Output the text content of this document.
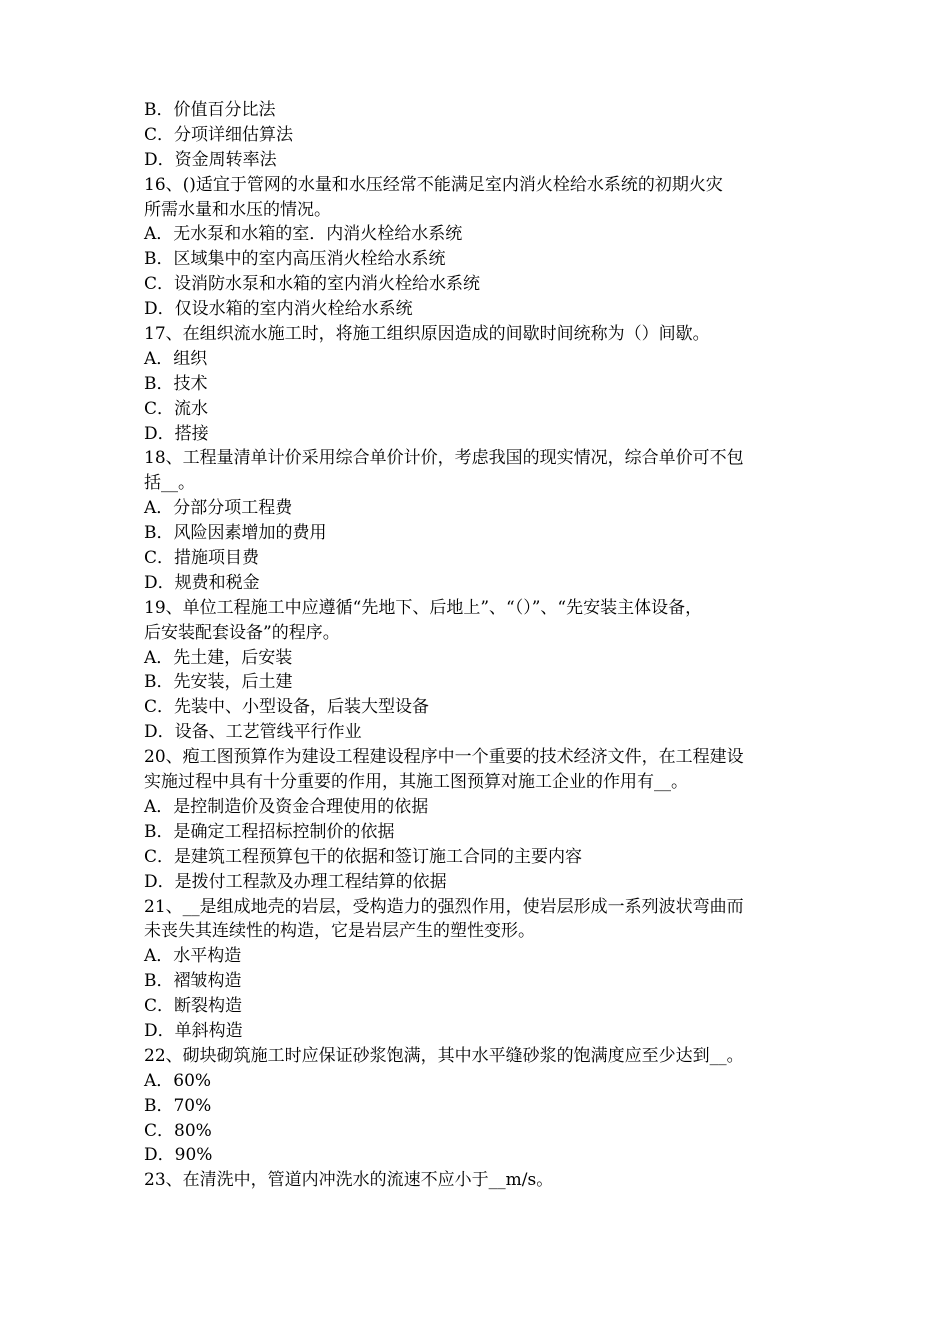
B．价值百分比法
C．分项详细估算法
D．资金周转率法
16、()适宜于管网的水量和水压经常不能满足室内消火栓给水系统的初期火灾
所需水量和水压的情况。
A．无水泵和水箱的室．内消火栓给水系统
B．区域集中的室内高压消火栓给水系统
C．设消防水泵和水箱的室内消火栓给水系统
D．仅设水箱的室内消火栓给水系统
17、在组织流水施工时，将施工组织原因造成的间歇时间统称为（）间歇。
A．组织
B．技术
C．流水
D．搭接
18、工程量清单计价采用综合单价计价，考虑我国的现实情况，综合单价可不包
括__。
A．分部分项工程费
B．风险因素增加的费用
C．措施项目费
D．规费和税金
19、单位工程施工中应遵循“先地下、后地上”、“（）”、“先安装主体设备，
后安装配套设备”的程序。
A．先土建，后安装
B．先安装，后土建
C．先装中、小型设备，后装大型设备
D．设备、工艺管线平行作业
20、疱工图预算作为建设工程建设程序中一个重要的技术经济文件，在工程建设
实施过程中具有十分重要的作用，其施工图预算对施工企业的作用有__。
A．是控制造价及资金合理使用的依据
B．是确定工程招标控制价的依据
C．是建筑工程预算包干的依据和签订施工合同的主要内容
D．是拨付工程款及办理工程结算的依据
21、__是组成地壳的岩层，受构造力的强烈作用，使岩层形成一系列波状弯曲而
未丧失其连续性的构造，它是岩层产生的塑性变形。
A．水平构造
B．褶皱构造
C．断裂构造
D．单斜构造
22、砌块砌筑施工时应保证砂浆饱满，其中水平缝砂浆的饱满度应至少达到__。
A．60%
B．70%
C．80%
D．90%
23、在清洗中，管道内冲洗水的流速不应小于__m/s。
